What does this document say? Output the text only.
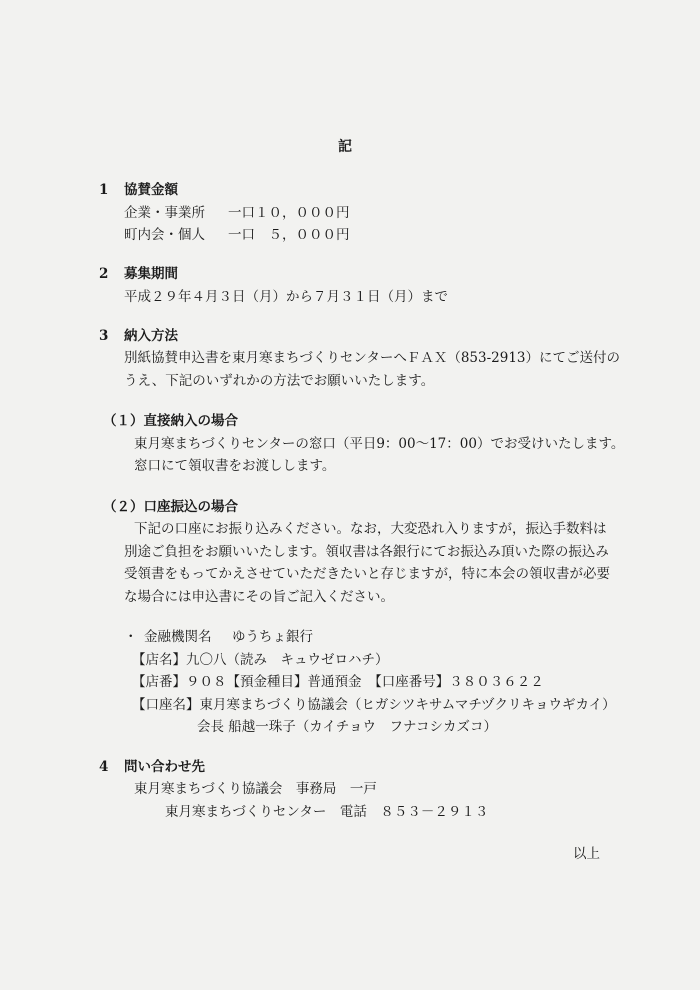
記
1 協賛金額
企業・事業所 一口１０，０００円
町内会・個人 一口　５，０００円
2 募集期間
平成２９年４月３日（月）から７月３１日（月）まで
3 納入方法
別紙協賛申込書を東月寒まちづくりセンターへＦＡＸ（853-2913）にてご送付の
うえ、下記のいずれかの方法でお願いいたします。
（１）直接納入の場合
東月寒まちづくりセンターの窓口（平日9：00～17：00）でお受けいたします。
窓口にて領収書をお渡しします。
（２）口座振込の場合
下記の口座にお振り込みください。なお，大変恐れ入りますが，振込手数料は
別途ご負担をお願いいたします。領収書は各銀行にてお振込み頂いた際の振込み
受領書をもってかえさせていただきたいと存じますが，特に本会の領収書が必要
な場合には申込書にその旨ご記入ください。
・ 金融機関名 ゆうちょ銀行
【店名】九〇八（読み　キュウゼロハチ）
【店番】９０８【預金種目】普通預金　【口座番号】３８０３６２２
【口座名】東月寒まちづくり協議会（ヒガシツキサムマチヅクリキョウギカイ）
会長 船越一珠子（カイチョウ　フナコシカズコ）
4 問い合わせ先
東月寒まちづくり協議会　事務局　一戸
東月寒まちづくりセンター　電話　８５３－２９１３
以上
